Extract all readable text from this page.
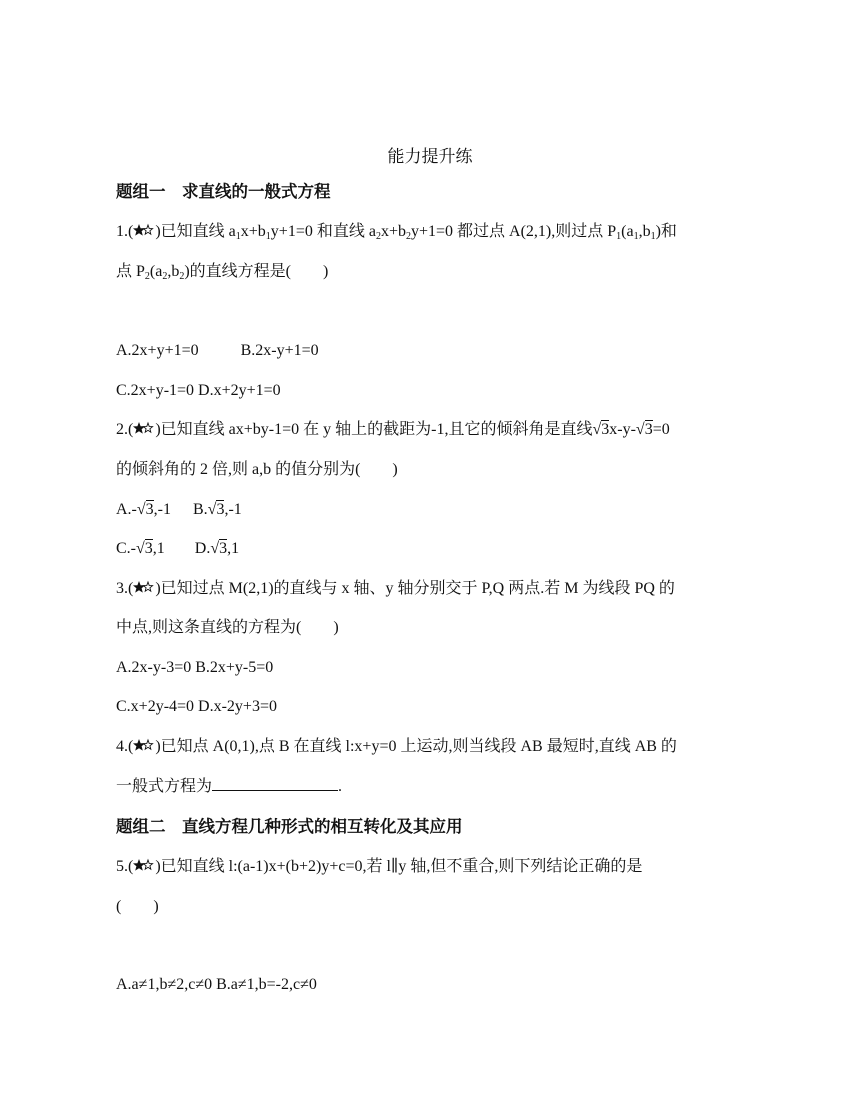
能力提升练
题组一　求直线的一般式方程
1.( )已知直线 $a_1x+b_1y+1=0$ 和直线 $a_2x+b_2y+1=0$ 都过点 A(2,1),则过点 $P_1(a_1,b_1)$和
点 $P_2(a_2,b_2)$的直线方程是(　　)
A.2x+y+1=0	B.2x-y+1=0
C.2x+y-1=0 D.x+2y+1=0
2.( )已知直线 ax+by-1=0 在 y 轴上的截距为-1,且它的倾斜角是直线√3x-y-√3=0
的倾斜角的 2 倍,则 a,b 的值分别为(　　)
A.-√3,-1 B.√3,-1
C.-√3,1 D.√3,1
3.( )已知过点 M(2,1)的直线与 x 轴、y 轴分别交于 P,Q 两点.若 M 为线段 PQ 的
中点,则这条直线的方程为(　　)
A.2x-y-3=0 B.2x+y-5=0
C.x+2y-4=0 D.x-2y+3=0
4.( )已知点 A(0,1),点 B 在直线 l:x+y=0 上运动,则当线段 AB 最短时,直线 AB 的
一般式方程为	.
题组二　直线方程几种形式的相互转化及其应用
5.( )已知直线 l:(a-1)x+(b+2)y+c=0,若 l∥y 轴,但不重合,则下列结论正确的是
(　　)
A.a≠1,b≠2,c≠0 B.a≠1,b=-2,c≠0
